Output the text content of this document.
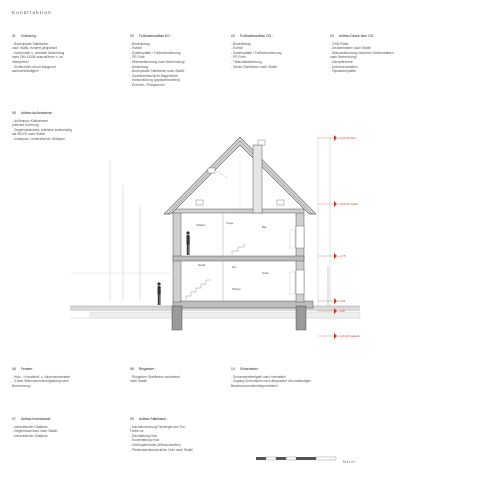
Konstruktion
01 Gründung :
- Bodenplatte Stahlbeton
nach Statik, frostfrei gegründet
- horizontale u. vertikale Abdichtung
nach DIN 18195 auszuführen u. zu
überprüfen!
- Schlitzrohre durch Baugrund
sachverständigen!
03 Fußbodenaufbau EG :
- Bodenbelag
- Estrich
- Systemplatte / Fußbodenheizung
- PE-Folie
- Wärmedämmung nach Berechnung!
- Abdichtung
- Bodenplatte Stahlbeton nach Statik!
- Sauberkeitsschicht Magerbeton
- Kiesschüttung (kapillarbrechend)
- Erdreich / Planplanum
03 Fußbodenaufbau OG :
- Bodenbelag
- Estrich
- Systemplatte / Fußbodenheizung
- PE-Folie
- Trittschalldämmung
- Decke Stahlbeton nach Statik!
04 Aufbau Decke über OG :
- OSB-Platte
- Deckenbalken nach Statik!
- Wärmedämmung zwischen Deckenbalken
nach Berechnung!
- Dampfbremse
- Unterkonstruktion
- Gipskartonplatte
05 Aufbau Außenwände :
- Außenputz Kalkzement
(kleinste Körnung)
- Ziegelmauerwerk, teilweise zweischalig
als WDVS nach Statik!
- Innenputz / mineralischer Glattputz
06 Fenster :
- Holz- / Kunststoff- u. Aluminiumfenster
- 3-fach-Wärmeschutzverglasung nach
Berechnung!
08 Ringanker :
- Ringanker Stahlbeton umlaufend
nach Statik!
10 Schornstein :
- Schornsteinfertigteil nach Hersteller!
- Zugang Schornstein nach Absprache mit zuständigen
Bezirksschornsteinfegermeister!
07 Aufbau Innenwände :
- mineralischer Glattputz
- Ziegelmauerwerk nach Statik!
- mineralischer Glattputz
09 Aufbau Satteldach :
- Dacheindeckung Falzziegel aus Ton,
Farbe rot
- Dachlattung Holz
- Konterlattung Holz
- Unterspannbahn (diffusionsoffen)
- Pfettendachkonstruktion Holz nach Statik!
+ 8,00 OK First
+ 5,55 OK Traufe
+ 2,75
± 0,00
- 0,35
- 0,46 OK Gelände
Treppe
Abstell
Flur
Küche
Bad
Schlafen
Wohnen
Meter
